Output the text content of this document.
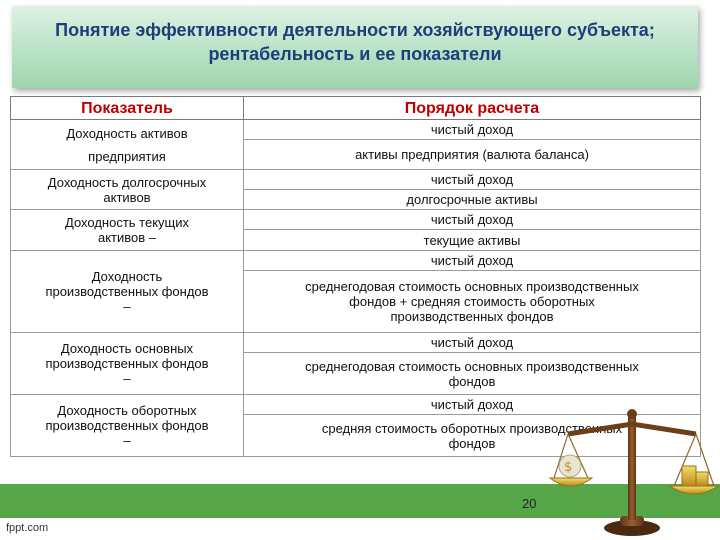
Понятие эффективности деятельности хозяйствующего субъекта;
рентабельность и ее показатели
Показатель	Порядок расчета

Доходность активов
предприятия	чистый доход

	активы предприятия (валюта баланса)

Доходность долгосрочных
активов	чистый доход

	долгосрочные активы

Доходность текущих
активов –	чистый доход

	текущие активы

Доходность
производственных фондов
–	чистый доход

	среднегодовая стоимость основных производственных
фондов + средняя стоимость оборотных
производственных фондов

Доходность основных
производственных фондов
–	чистый доход

	среднегодовая стоимость основных производственных
фондов

Доходность оборотных
производственных фондов
–	чистый доход

	средняя стоимость оборотных производственных
фондов
20
fppt.com
$
